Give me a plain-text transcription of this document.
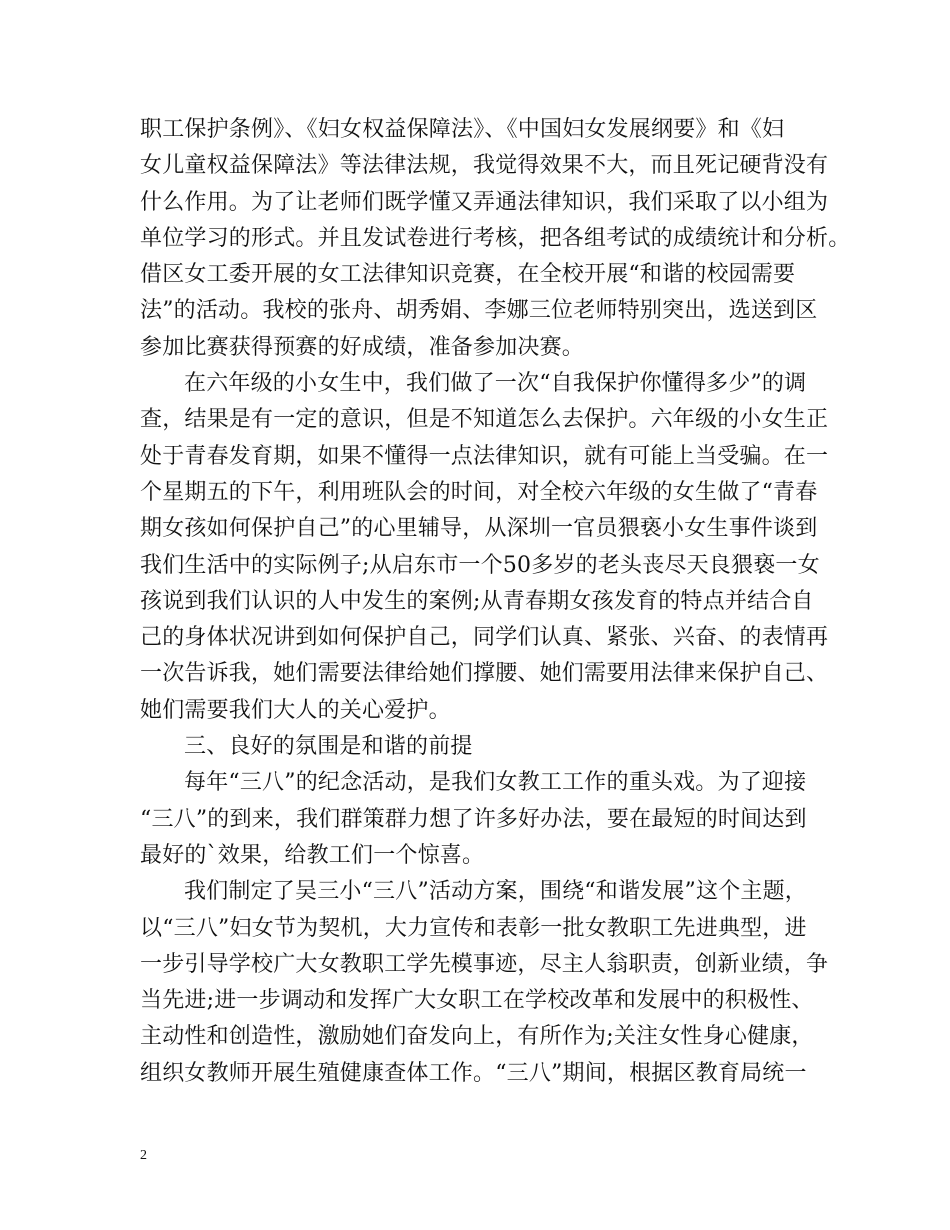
职工保护条例》、《妇女权益保障法》、《中国妇女发展纲要》和《妇
女儿童权益保障法》等法律法规，我觉得效果不大，而且死记硬背没有
什么作用。为了让老师们既学懂又弄通法律知识，我们采取了以小组为
单位学习的形式。并且发试卷进行考核，把各组考试的成绩统计和分析。
借区女工委开展的女工法律知识竞赛，在全校开展“和谐的校园需要
法”的活动。我校的张舟、胡秀娟、李娜三位老师特别突出，选送到区
参加比赛获得预赛的好成绩，准备参加决赛。
在六年级的小女生中，我们做了一次“自我保护你懂得多少”的调
查，结果是有一定的意识，但是不知道怎么去保护。六年级的小女生正
处于青春发育期，如果不懂得一点法律知识，就有可能上当受骗。在一
个星期五的下午，利用班队会的时间，对全校六年级的女生做了“青春
期女孩如何保护自己”的心里辅导，从深圳一官员猥亵小女生事件谈到
我们生活中的实际例子;从启东市一个50多岁的老头丧尽天良猥亵一女
孩说到我们认识的人中发生的案例;从青春期女孩发育的特点并结合自
己的身体状况讲到如何保护自己，同学们认真、紧张、兴奋、的表情再
一次告诉我，她们需要法律给她们撑腰、她们需要用法律来保护自己、
她们需要我们大人的关心爱护。
三、良好的氛围是和谐的前提
每年“三八”的纪念活动，是我们女教工工作的重头戏。为了迎接
“三八”的到来，我们群策群力想了许多好办法，要在最短的时间达到
最好的`效果，给教工们一个惊喜。
我们制定了吴三小“三八”活动方案，围绕“和谐发展”这个主题，
以“三八”妇女节为契机，大力宣传和表彰一批女教职工先进典型，进
一步引导学校广大女教职工学先模事迹，尽主人翁职责，创新业绩，争
当先进;进一步调动和发挥广大女职工在学校改革和发展中的积极性、
主动性和创造性，激励她们奋发向上，有所作为;关注女性身心健康，
组织女教师开展生殖健康查体工作。“三八”期间，根据区教育局统一
2
